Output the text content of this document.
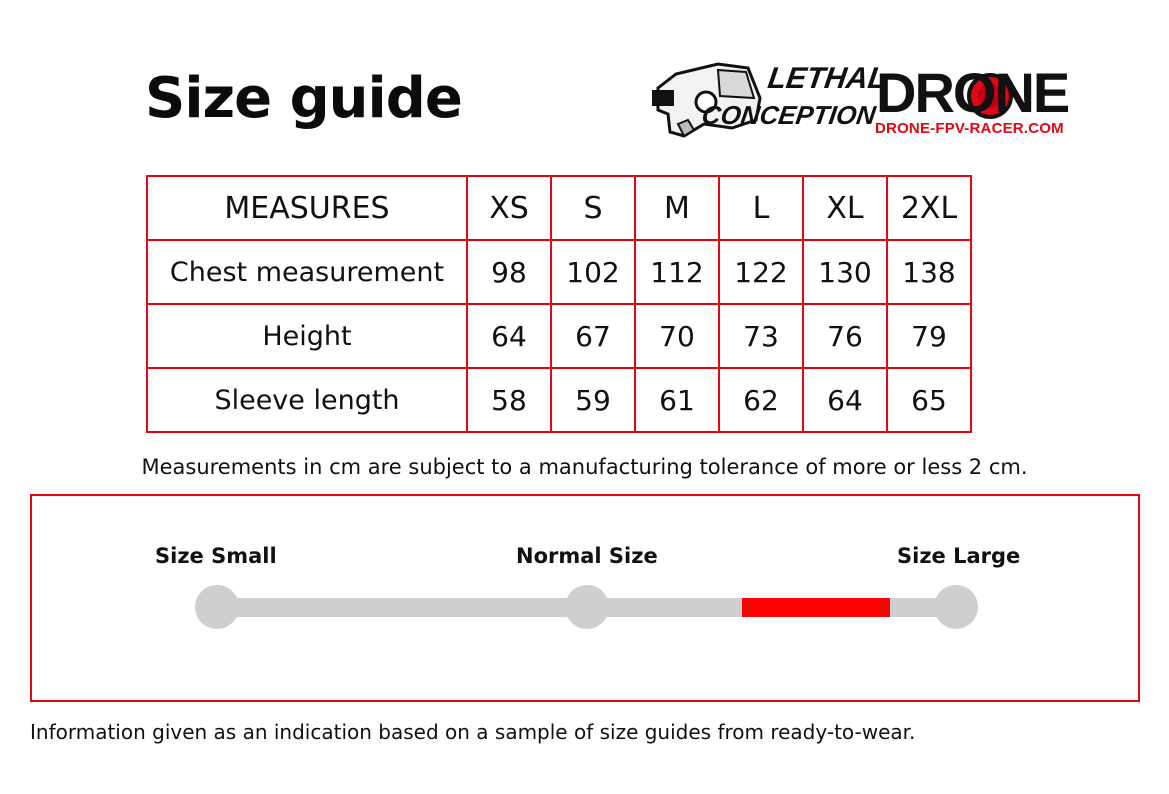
Size guide	LETHAL
CONCEPTION
DRONE
DRONE-FPV-RACER.COM
MEASURES	XS	S	M	L	XL	2XL
Chest measurement	98	102	112	122	130	138
Height	64	67	70	73	76	79
Sleeve length	58	59	61	62	64	65
Measurements in cm are subject to a manufacturing tolerance of more or less 2 cm.
Size Small	Normal Size	Size Large
Information given as an indication based on a sample of size guides from ready-to-wear.
